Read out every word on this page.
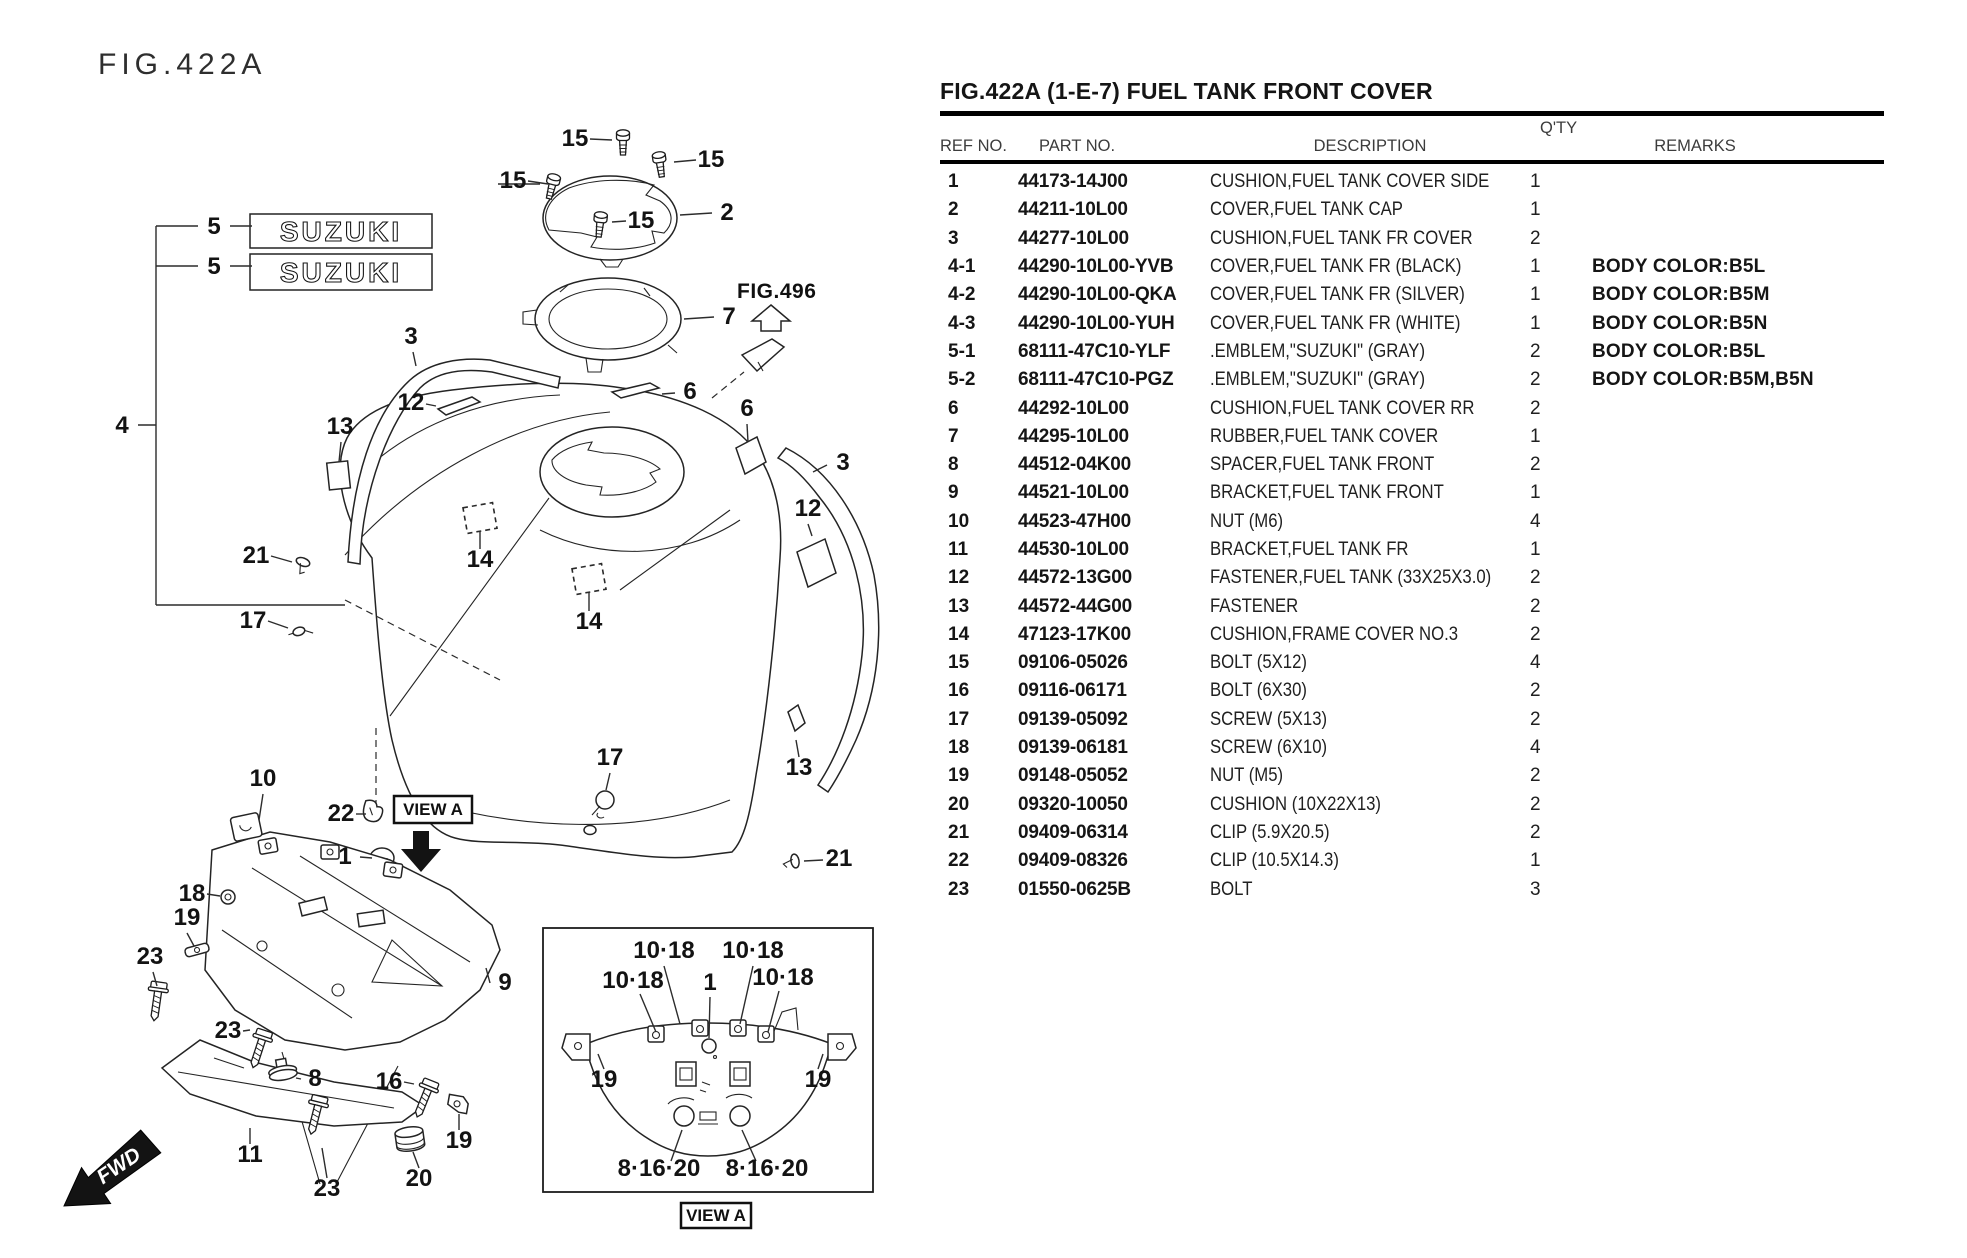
FIG.422A
SUZUKI
SUZUKI
FIG.496
VIEW A
FWD
VIEW A
15
15
15
2
15
7
5
5
4
3
12
13
21
17
14
14
6
6
3
12
13
17
21
10
22
1
18
19
23
9
23
8 16
19
11
20
23
10·18 10·18
10·18 1 10·18
19	19
8·16·20 8·16·20
FIG.422A (1-E-7) FUEL TANK FRONT COVER
REF NO.	PART NO.	DESCRIPTION
Q'TY
REMARKS
1	44173-14J00	CUSHION,FUEL TANK COVER SIDE	1
2	44211-10L00	COVER,FUEL TANK CAP	1
3	44277-10L00	CUSHION,FUEL TANK FR COVER	2
4-1	44290-10L00-YVB	COVER,FUEL TANK FR (BLACK)	1	BODY COLOR:B5L
4-2	44290-10L00-QKA	COVER,FUEL TANK FR (SILVER)	1	BODY COLOR:B5M
4-3	44290-10L00-YUH	COVER,FUEL TANK FR (WHITE)	1	BODY COLOR:B5N
5-1	68111-47C10-YLF	.EMBLEM,"SUZUKI" (GRAY)	2	BODY COLOR:B5L
5-2	68111-47C10-PGZ	.EMBLEM,"SUZUKI" (GRAY)	2	BODY COLOR:B5M,B5N
6	44292-10L00	CUSHION,FUEL TANK COVER RR	2
7	44295-10L00	RUBBER,FUEL TANK COVER	1
8	44512-04K00	SPACER,FUEL TANK FRONT	2
9	44521-10L00	BRACKET,FUEL TANK FRONT	1
10	44523-47H00	NUT (M6)	4
11	44530-10L00	BRACKET,FUEL TANK FR	1
12	44572-13G00	FASTENER,FUEL TANK (33X25X3.0)	2
13	44572-44G00	FASTENER	2
14	47123-17K00	CUSHION,FRAME COVER NO.3	2
15	09106-05026	BOLT (5X12)	4
16	09116-06171	BOLT (6X30)	2
17	09139-05092	SCREW (5X13)	2
18	09139-06181	SCREW (6X10)	4
19	09148-05052	NUT (M5)	2
20	09320-10050	CUSHION (10X22X13)	2
21	09409-06314	CLIP (5.9X20.5)	2
22	09409-08326	CLIP (10.5X14.3)	1
23	01550-0625B	BOLT	3
